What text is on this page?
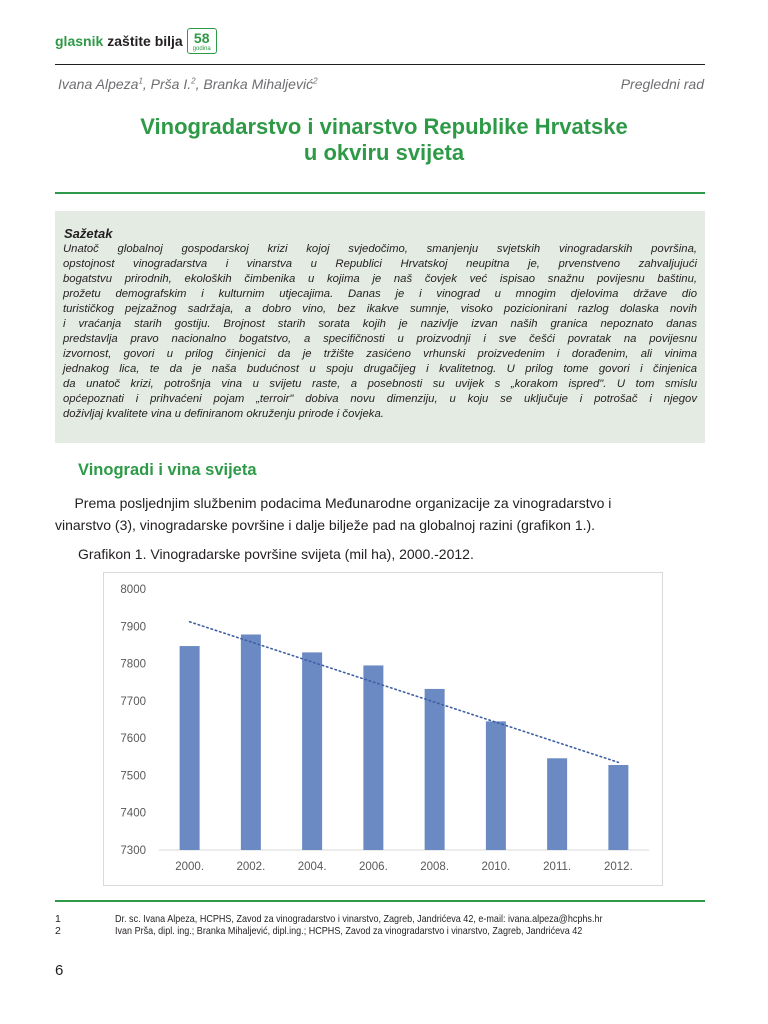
glasnik zaštite bilja 58
godina
Ivana Alpeza$^1$, Prša I.$^2$, Branka Mihaljević$^2$	Pregledni rad
Vinogradarstvo i vinarstvo Republike Hrvatske
u okviru svijeta
Sažetak
Unatoč globalnoj gospodarskoj krizi kojoj svjedočimo, smanjenju svjetskih vinogradarskih površina,
opstojnost vinogradarstva i vinarstva u Republici Hrvatskoj neupitna je, prvenstveno zahvaljujući
bogatstvu prirodnih, ekoloških čimbenika u kojima je naš čovjek već ispisao snažnu povijesnu baštinu,
prožetu demografskim i kulturnim utjecajima. Danas je i vinograd u mnogim djelovima države dio
turističkog pejzažnog sadržaja, a dobro vino, bez ikakve sumnje, visoko pozicionirani razlog dolaska novih
i vraćanja starih gostiju. Brojnost starih sorata kojih je nazivlje izvan naših granica nepoznato danas
predstavlja pravo nacionalno bogatstvo, a specifičnosti u proizvodnji i sve češći povratak na povijesnu
izvornost, govori u prilog činjenici da je tržište zasićeno vrhunski proizvedenim i dorađenim, ali vinima
jednakog lica, te da je naša budućnost u spoju drugačijeg i kvalitetnog. U prilog tome govori i činjenica
da unatoč krizi, potrošnja vina u svijetu raste, a posebnosti su uvijek s „korakom ispred". U tom smislu
općepoznati i prihvaćeni pojam „terroir" dobiva novu dimenziju, u koju se uključuje i potrošač i njegov
doživljaj kvalitete vina u definiranom okruženju prirode i čovjeka.
Vinogradi i vina svijeta
Prema posljednjim službenim podacima Međunarodne organizacije za vinogradarstvo i
vinarstvo (3), vinogradarske površine i dalje bilježe pad na globalnoj razini (grafikon 1.).
Grafikon 1. Vinogradarske površine svijeta (mil ha), 2000.-2012.
7300
7400
7500
7600
7700
7800
7900
8000
2000.	2002.	2004.	2006.	2008.	2010.	2011.	2012.
1	Dr. sc. Ivana Alpeza, HCPHS, Zavod za vinogradarstvo i vinarstvo, Zagreb, Jandrićeva 42, e-mail: ivana.alpeza@hcphs.hr
2	Ivan Prša, dipl. ing.; Branka Mihaljević, dipl.ing.; HCPHS, Zavod za vinogradarstvo i vinarstvo, Zagreb, Jandrićeva 42
6
